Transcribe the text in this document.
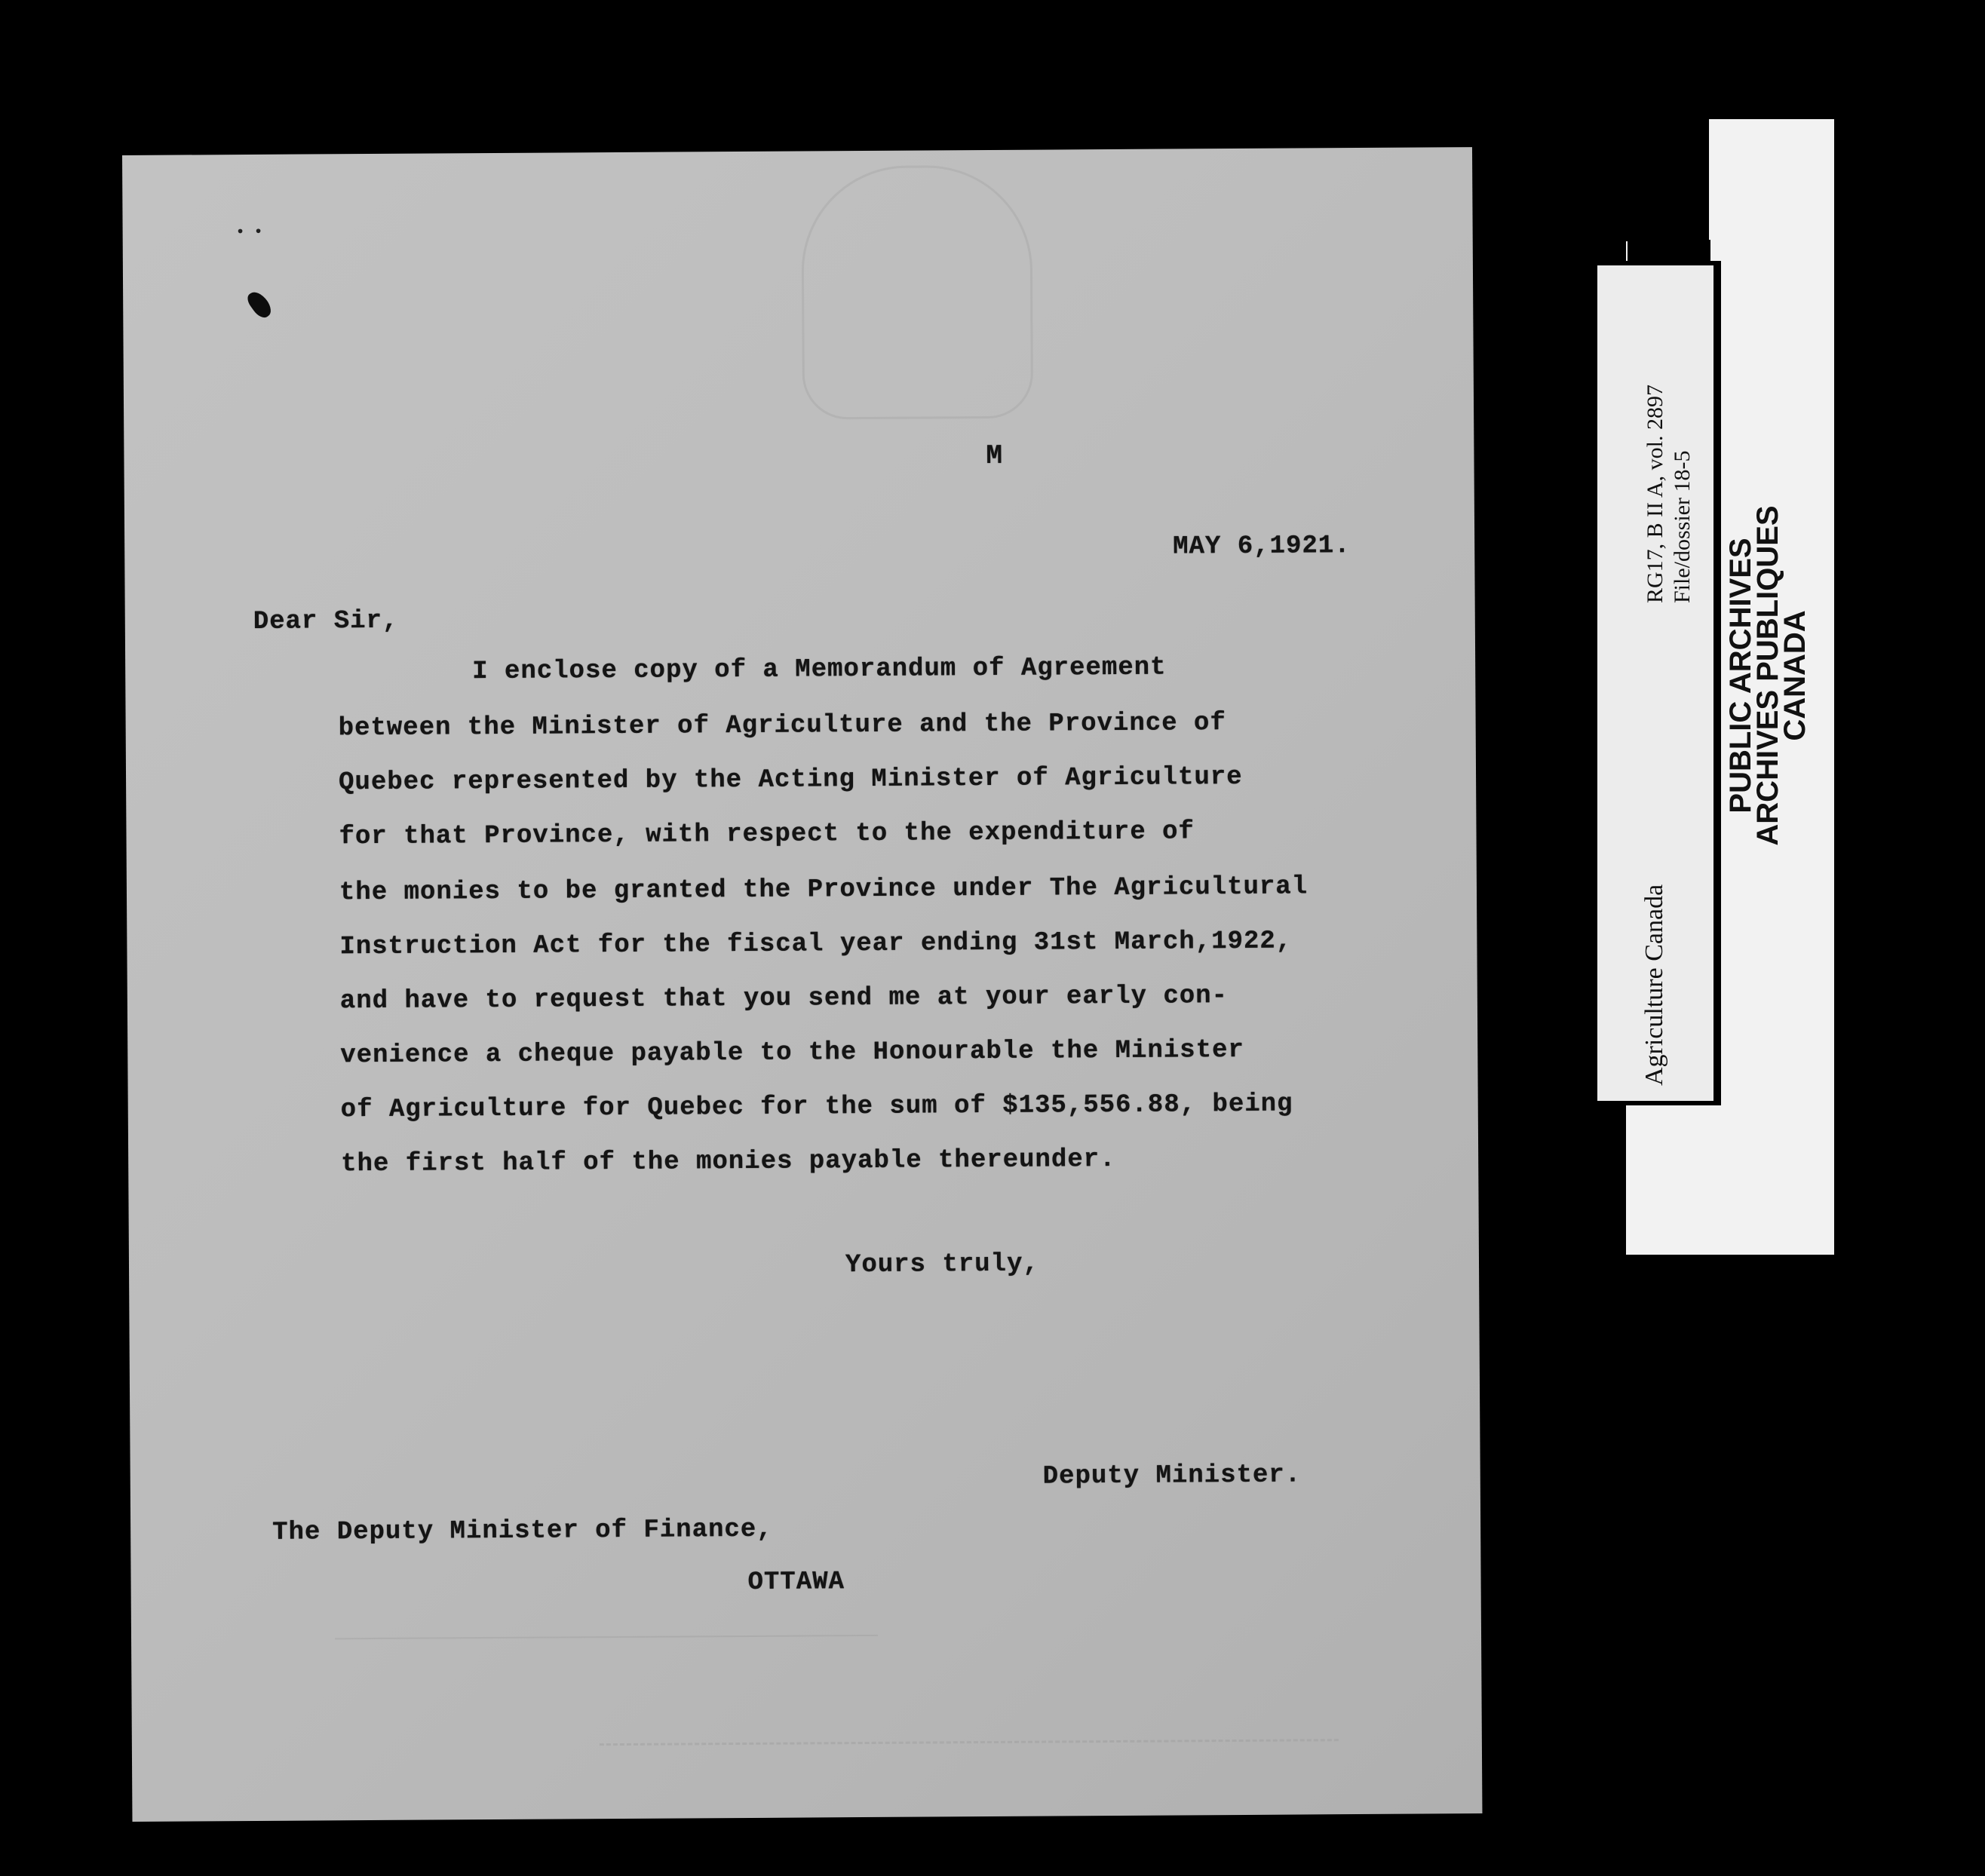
• •
M
MAY 6,1921.
Dear Sir,
I enclose copy of a Memorandum of Agreement
between the Minister of Agriculture and the Province of
Quebec represented by the Acting Minister of Agriculture
for that Province, with respect to the expenditure of
the monies to be granted the Province under The Agricultural
Instruction Act for the fiscal year ending 31st March,1922,
and have to request that you send me at your early con-
venience a cheque payable to the Honourable the Minister
of Agriculture for Quebec for the sum of $135,556.88, being
the first half of the monies payable thereunder.
Yours truly,
Deputy Minister.
The Deputy Minister of Finance,
OTTAWA
Agriculture Canada
RG17, B II A, vol. 2897 File/dossier 18-5
PUBLIC ARCHIVES
ARCHIVES PUBLIQUES
CANADA
